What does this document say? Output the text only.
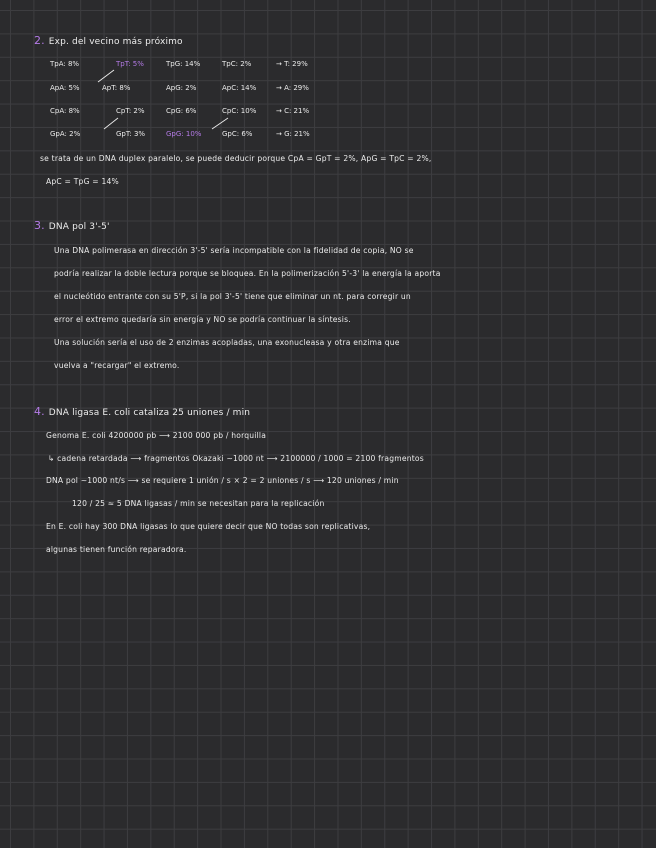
2. Exp. del vecino más próximo
TpA: 8%	TpT: 5%	TpG: 14%	TpC: 2%	→ T: 29%
ApA: 5%	ApT: 8%	ApG: 2%	ApC: 14%	→ A: 29%
CpA: 8%	CpT: 2%	CpG: 6%	CpC: 10%	→ C: 21%
GpA: 2%	GpT: 3%	GpG: 10%	GpC: 6%	→ G: 21%
se trata de un DNA duplex paralelo, se puede deducir porque CpA = GpT = 2%, ApG = TpC = 2%,
ApC = TpG = 14%
3. DNA pol 3'-5'
Una DNA polimerasa en dirección 3'-5' sería incompatible con la fidelidad de copia, NO se
podría realizar la doble lectura porque se bloquea. En la polimerización 5'-3' la energía la aporta
el nucleótido entrante con su 5'P, si la pol 3'-5' tiene que eliminar un nt. para corregir un
error el extremo quedaría sin energía y NO se podría continuar la síntesis.
Una solución sería el uso de 2 enzimas acopladas, una exonucleasa y otra enzima que
vuelva a "recargar" el extremo.
4. DNA ligasa E. coli cataliza 25 uniones / min
Genoma E. coli 4200000 pb ⟶ 2100 000 pb / horquilla
↳ cadena retardada ⟶ fragmentos Okazaki ~1000 nt ⟶ 2100000 / 1000 = 2100 fragmentos
DNA pol ~1000 nt/s ⟶ se requiere 1 unión / s × 2 = 2 uniones / s ⟶ 120 uniones / min
120 / 25 ≈ 5 DNA ligasas / min se necesitan para la replicación
En E. coli hay 300 DNA ligasas lo que quiere decir que NO todas son replicativas,
algunas tienen función reparadora.
